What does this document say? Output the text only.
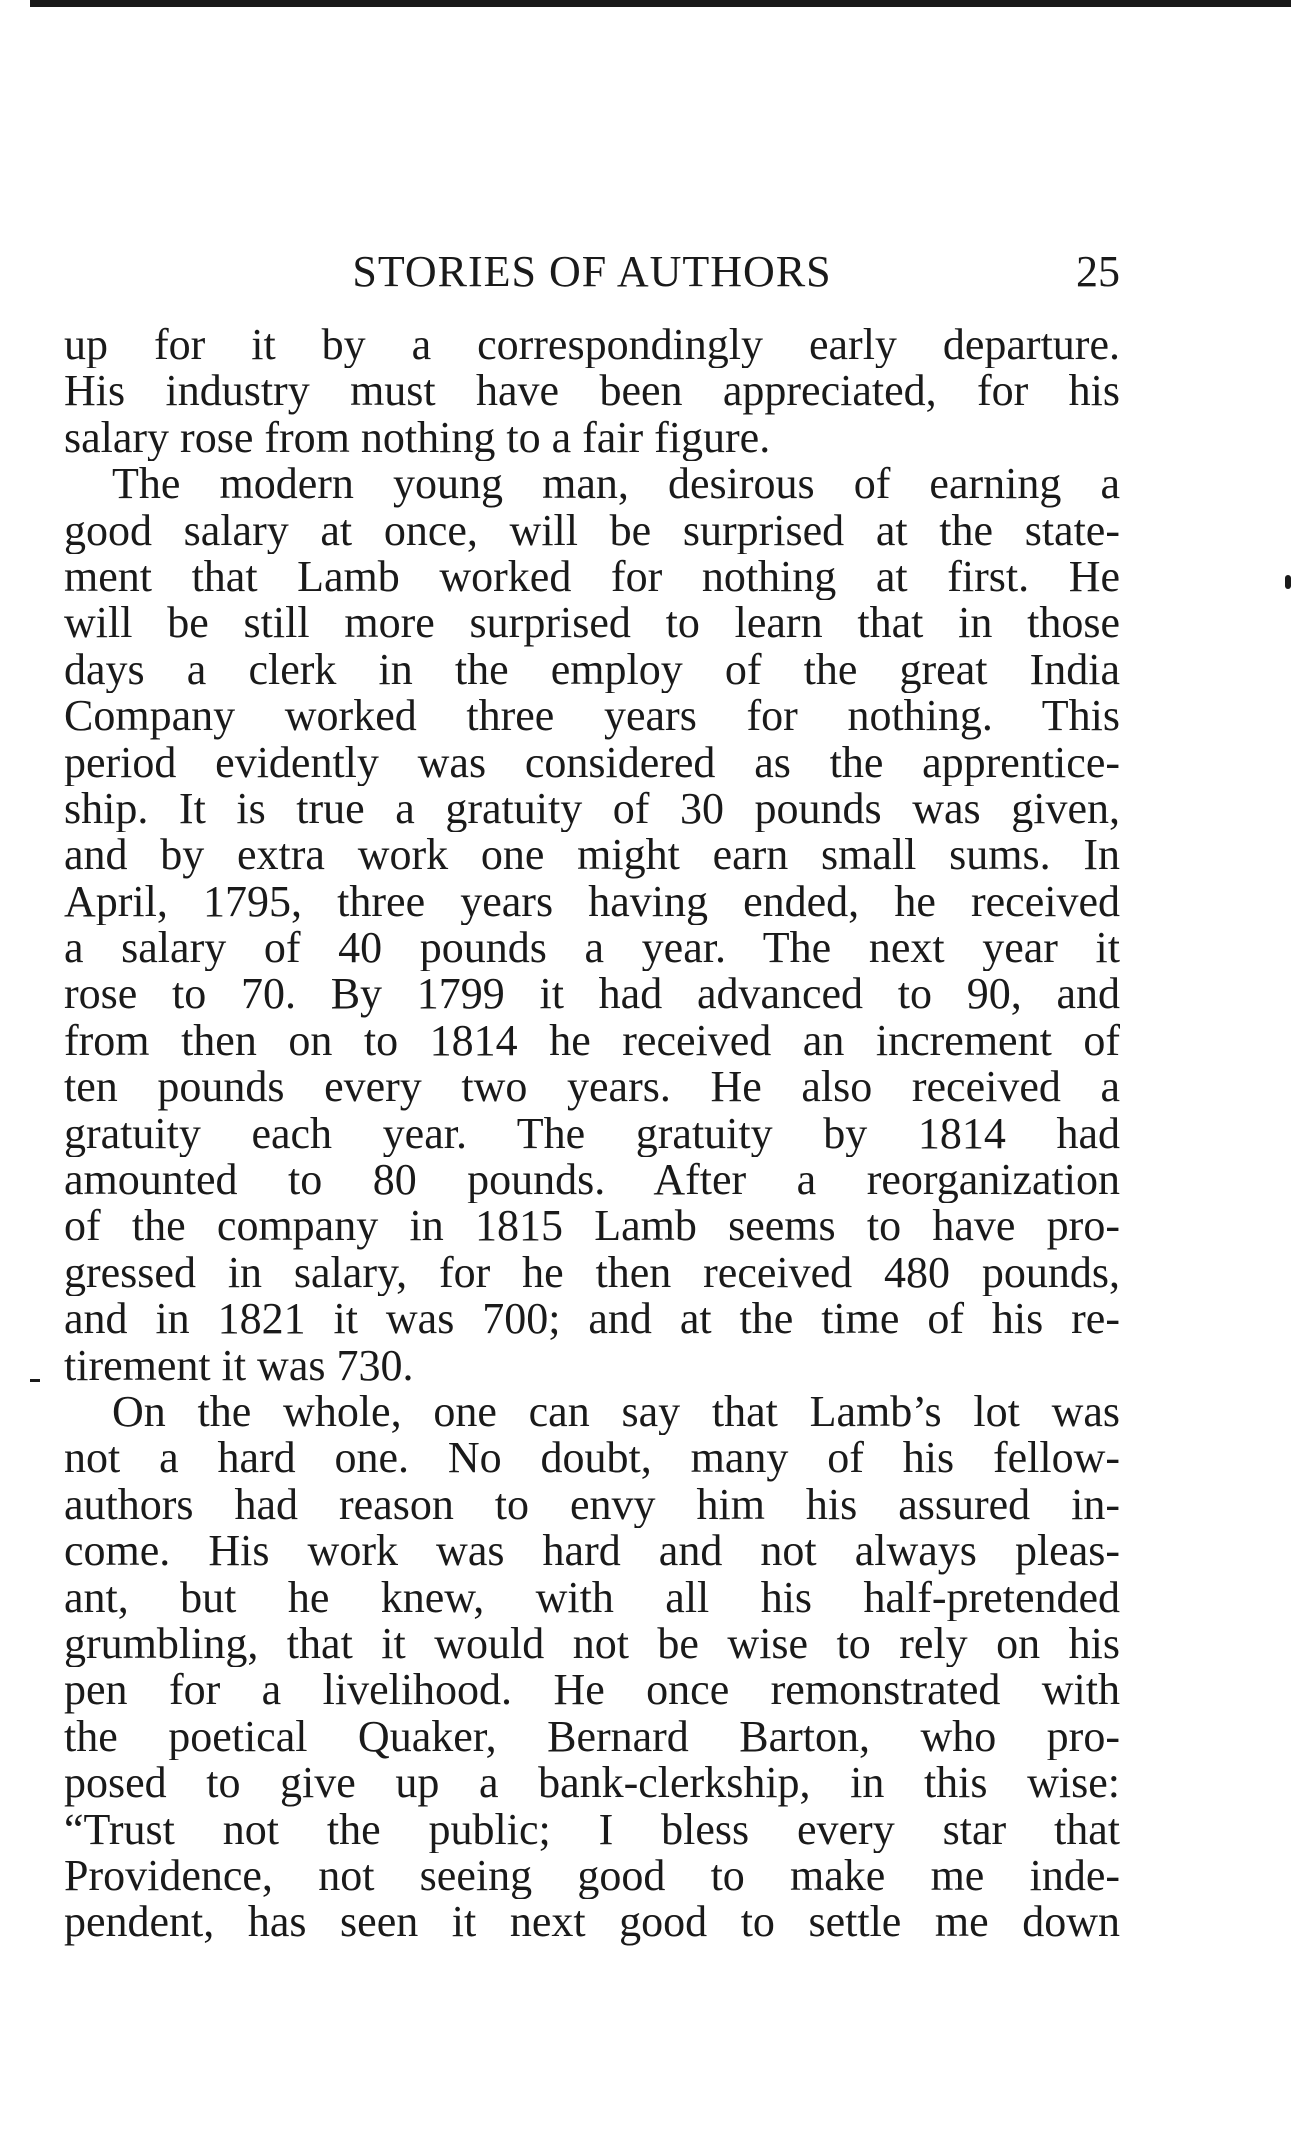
STORIES OF AUTHORS	25
up for it by a correspondingly early departure.
His industry must have been appreciated, for his
salary rose from nothing to a fair figure.
The modern young man, desirous of earning a
good salary at once, will be surprised at the state-
ment that Lamb worked for nothing at first. He
will be still more surprised to learn that in those
days a clerk in the employ of the great India
Company worked three years for nothing. This
period evidently was considered as the apprentice-
ship. It is true a gratuity of 30 pounds was given,
and by extra work one might earn small sums. In
April, 1795, three years having ended, he received
a salary of 40 pounds a year. The next year it
rose to 70. By 1799 it had advanced to 90, and
from then on to 1814 he received an increment of
ten pounds every two years. He also received a
gratuity each year. The gratuity by 1814 had
amounted to 80 pounds. After a reorganization
of the company in 1815 Lamb seems to have pro-
gressed in salary, for he then received 480 pounds,
and in 1821 it was 700; and at the time of his re-
tirement it was 730.
On the whole, one can say that Lamb’s lot was
not a hard one. No doubt, many of his fellow-
authors had reason to envy him his assured in-
come. His work was hard and not always pleas-
ant, but he knew, with all his half-pretended
grumbling, that it would not be wise to rely on his
pen for a livelihood. He once remonstrated with
the poetical Quaker, Bernard Barton, who pro-
posed to give up a bank-clerkship, in this wise:
“Trust not the public; I bless every star that
Providence, not seeing good to make me inde-
pendent, has seen it next good to settle me down
